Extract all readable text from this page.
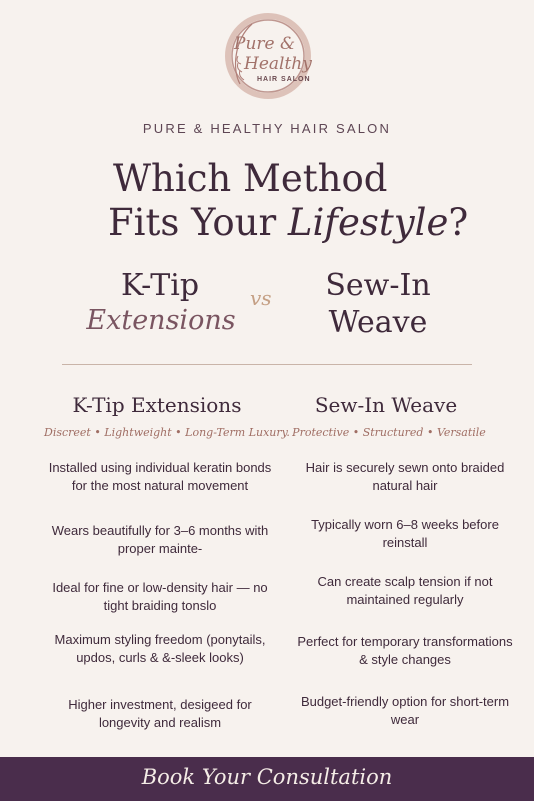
Pure &
Healthy
HAIR SALON
PURE & HEALTHY HAIR SALON
Which Method
Fits Your Lifestyle?
K-Tip
Extensions
vs Sew-In
Weave
K-Tip Extensions	Sew-In Weave
Discreet • Lightweight • Long-Term Luxury. Protective • Structured • Versatile
Installed using individual keratin bonds for the most natural movement
Wears beautifully for 3–6 months with proper mainte-
Ideal for fine or low-density hair — no tight braiding tonslo
Maximum styling freedom (ponytails, updos, curls & &-sleek looks)
Higher investment, desigeed for longevity and realism
Hair is securely sewn onto braided natural hair
Typically worn 6–8 weeks before reinstall
Can create scalp tension if not maintained regularly
Perfect for temporary transformations & style changes
Budget-friendly option for short-term wear
Book Your Consultation
